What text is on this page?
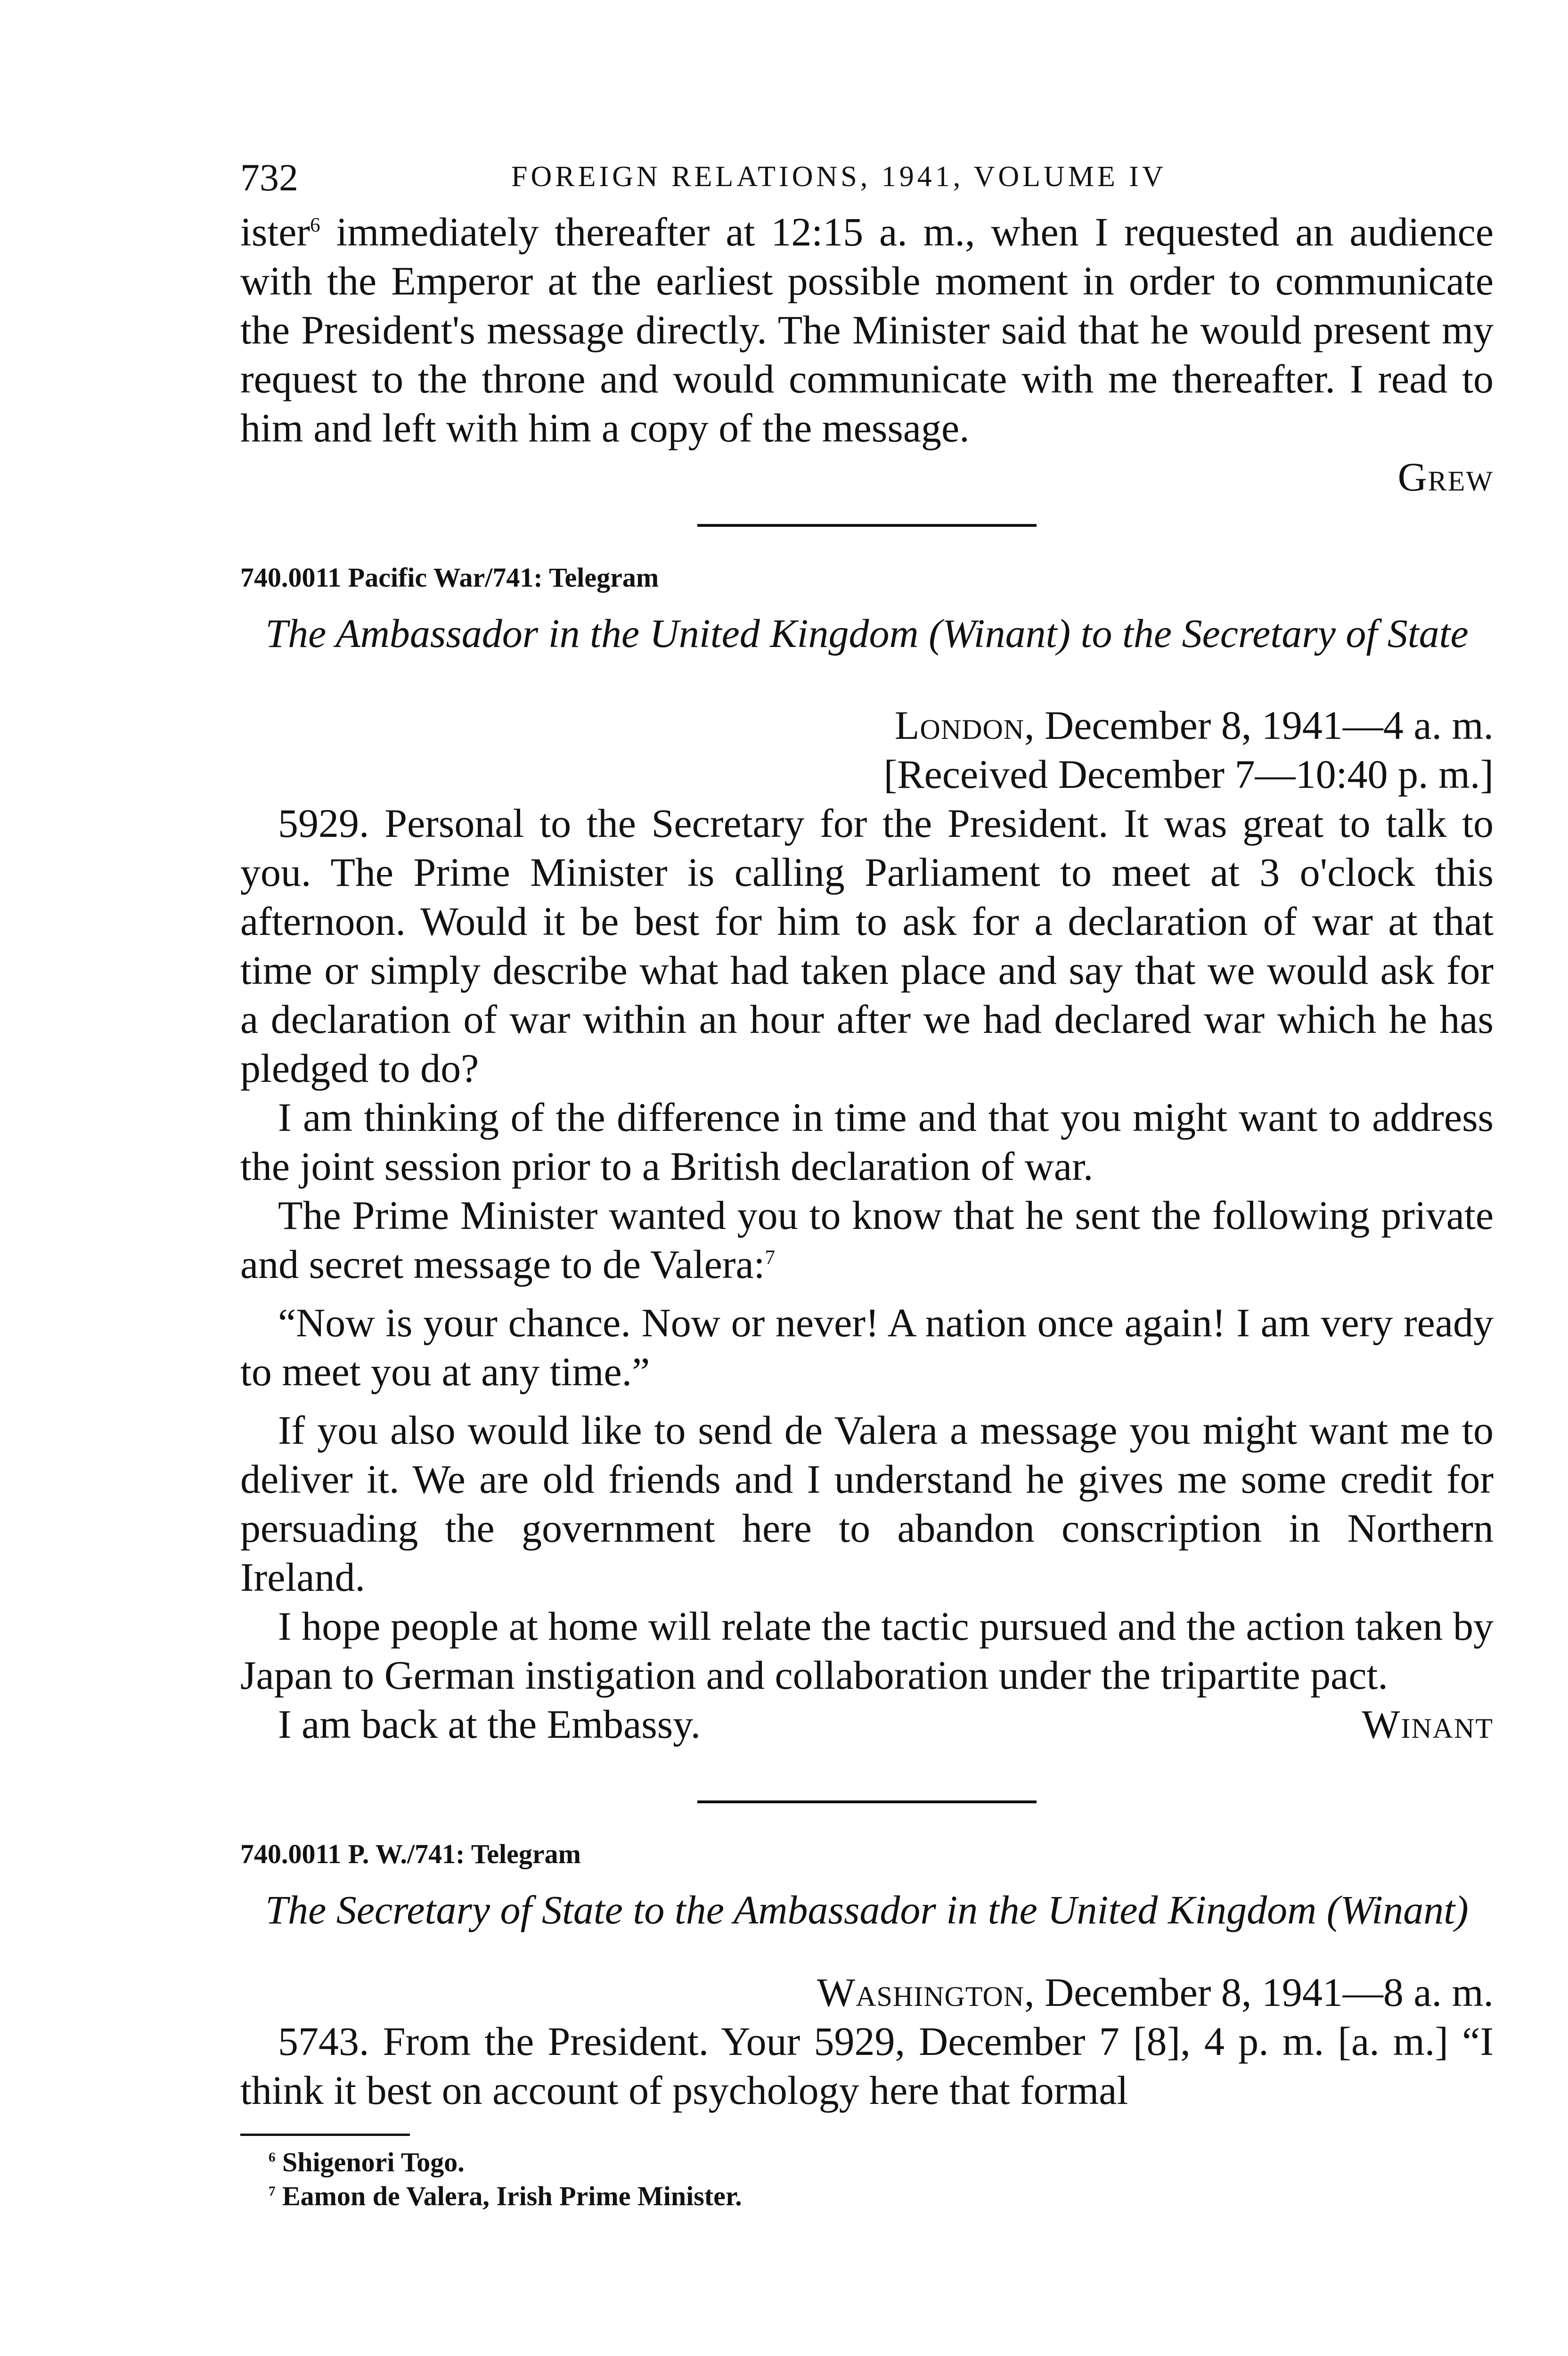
732	FOREIGN RELATIONS, 1941, VOLUME IV

ister$^6$ immediately thereafter at 12:15 a. m., when I requested an audience with the Emperor at the earliest possible moment in order to communicate the President's message directly. The Minister said that he would present my request to the throne and would communicate with me thereafter. I read to him and left with him a copy of the message.

Grew

740.0011 Pacific War/741: Telegram
The Ambassador in the United Kingdom (Winant) to the Secretary of State
London, December 8, 1941—4 a. m.
[Received December 7—10:40 p. m.]

5929. Personal to the Secretary for the President. It was great to talk to you. The Prime Minister is calling Parliament to meet at 3 o'clock this afternoon. Would it be best for him to ask for a declaration of war at that time or simply describe what had taken place and say that we would ask for a declaration of war within an hour after we had declared war which he has pledged to do?

I am thinking of the difference in time and that you might want to address the joint session prior to a British declaration of war.

The Prime Minister wanted you to know that he sent the following private and secret message to de Valera:$^7$

“Now is your chance. Now or never! A nation once again! I am very ready to meet you at any time.”

If you also would like to send de Valera a message you might want me to deliver it. We are old friends and I understand he gives me some credit for persuading the government here to abandon conscription in Northern Ireland.

I hope people at home will relate the tactic pursued and the action taken by Japan to German instigation and collaboration under the tripartite pact.

I am back at the Embassy.	Winant

740.0011 P. W./741: Telegram
The Secretary of State to the Ambassador in the United Kingdom (Winant)
Washington, December 8, 1941—8 a. m.

5743. From the President. Your 5929, December 7 [8], 4 p. m. [a. m.] “I think it best on account of psychology here that formal

$^6$ Shigenori Togo.
$^7$ Eamon de Valera, Irish Prime Minister.
